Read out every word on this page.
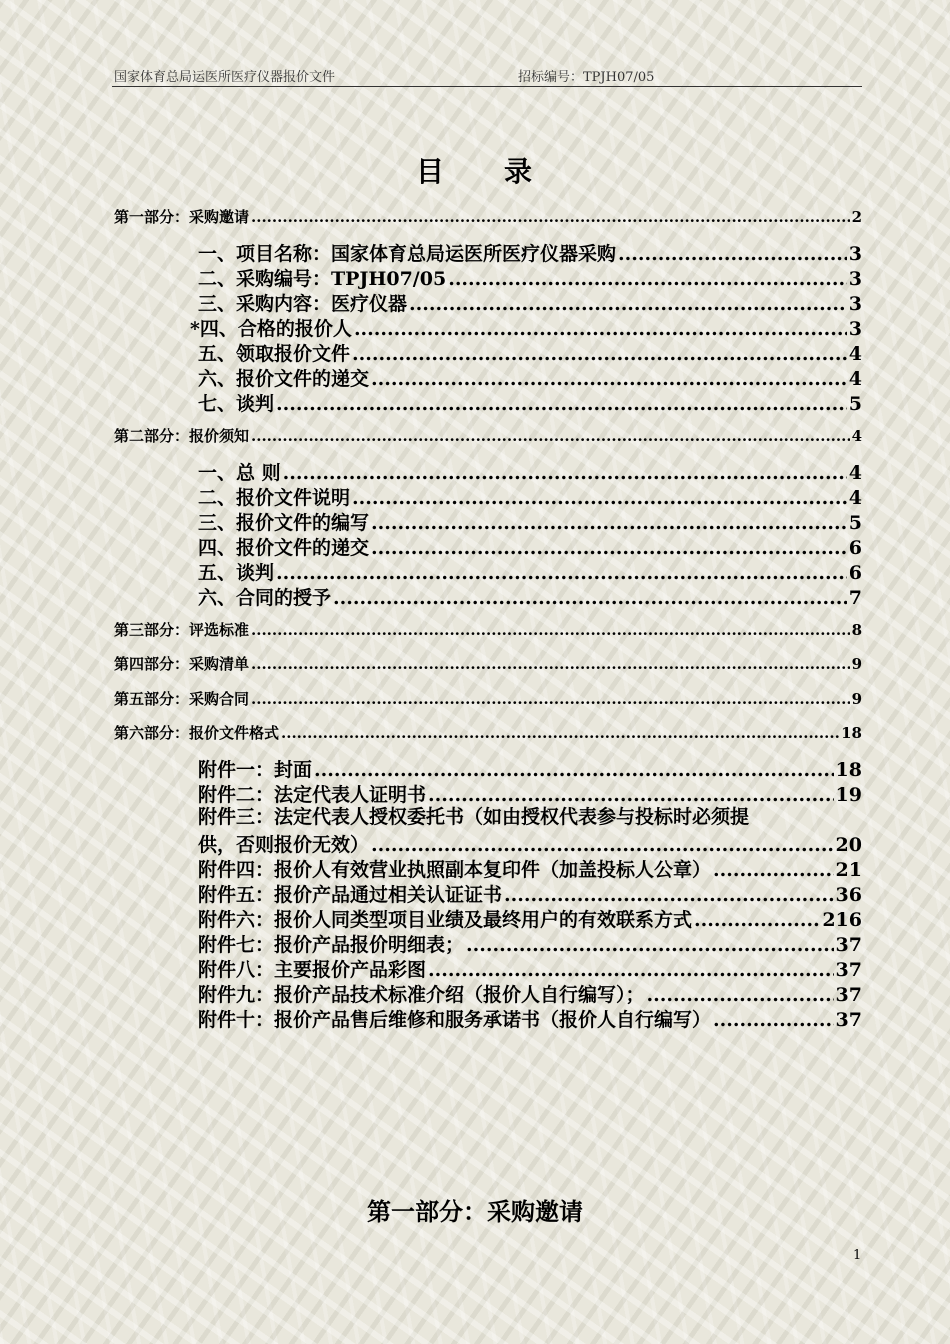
国家体育总局运医所医疗仪器报价文件	招标编号：TPJH07/05
目 录
第一部分：采购邀请 .....	2
一、项目名称：国家体育总局运医所医疗仪器采购 .....	3
二、采购编号：TPJH07/05 .....	3
三、采购内容：医疗仪器 .....	3
*四、合格的报价人 .....	3
五、领取报价文件 .....	4
六、报价文件的递交 .....	4
七、谈判 .....	5
第二部分：报价须知 .....	4
一、总 则 .....	4
二、报价文件说明 .....	4
三、报价文件的编写 .....	5
四、报价文件的递交 .....	6
五、谈判 .....	6
六、合同的授予 .....	7
第三部分：评选标准 .....	8
第四部分：采购清单 .....	9
第五部分：采购合同 .....	9
第六部分：报价文件格式 .....	18
附件一：封面 .....	18
附件二：法定代表人证明书 .....	19
附件三：法定代表人授权委托书（如由授权代表参与投标时必须提
供，否则报价无效） .....	20
附件四：报价人有效营业执照副本复印件（加盖投标人公章） .....	21
附件五：报价产品通过相关认证证书 .....	36
附件六：报价人同类型项目业绩及最终用户的有效联系方式 .....	216
附件七：报价产品报价明细表； .....	37
附件八：主要报价产品彩图 .....	37
附件九：报价产品技术标准介绍（报价人自行编写）； .....	37
附件十：报价产品售后维修和服务承诺书（报价人自行编写） .....	37
第一部分：采购邀请
1
